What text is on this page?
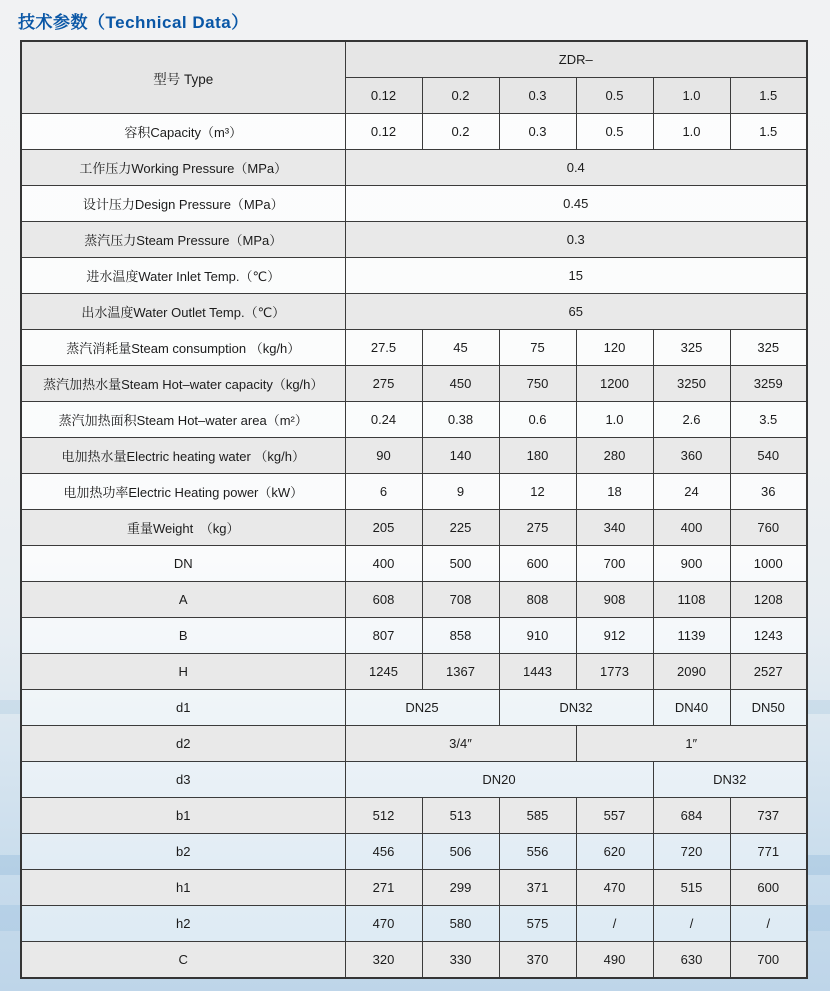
技术参数（Technical Data）
型号 Type	ZDR–					
	0.12	0.2	0.3	0.5	1.0	1.5
容积Capacity（m³）	0.12	0.2	0.3	0.5	1.0	1.5
工作压力Working Pressure（MPa）	0.4					
设计压力Design Pressure（MPa）	0.45					
蒸汽压力Steam Pressure（MPa）	0.3					
进水温度Water Inlet Temp.（℃）	15					
出水温度Water Outlet Temp.（℃）	65					
蒸汽消耗量Steam consumption （kg/h）	27.5	45	75	120	325	325
蒸汽加热水量Steam Hot–water capacity（kg/h）	275	450	750	1200	3250	3259
蒸汽加热面积Steam Hot–water area（m²）	0.24	0.38	0.6	1.0	2.6	3.5
电加热水量Electric heating water （kg/h）	90	140	180	280	360	540
电加热功率Electric Heating power（kW）	6	9	12	18	24	36
重量Weight　（kg）	205	225	275	340	400	760
DN	400	500	600	700	900	1000
A	608	708	808	908	1108	1208
B	807	858	910	912	1139	1243
H	1245	1367	1443	1773	2090	2527
d1	DN25		DN32		DN40	DN50
d2	3/4″			1″		
d3	DN20				DN32	
b1	512	513	585	557	684	737
b2	456	506	556	620	720	771
h1	271	299	371	470	515	600
h2	470	580	575	/	/	/
C	320	330	370	490	630	700
